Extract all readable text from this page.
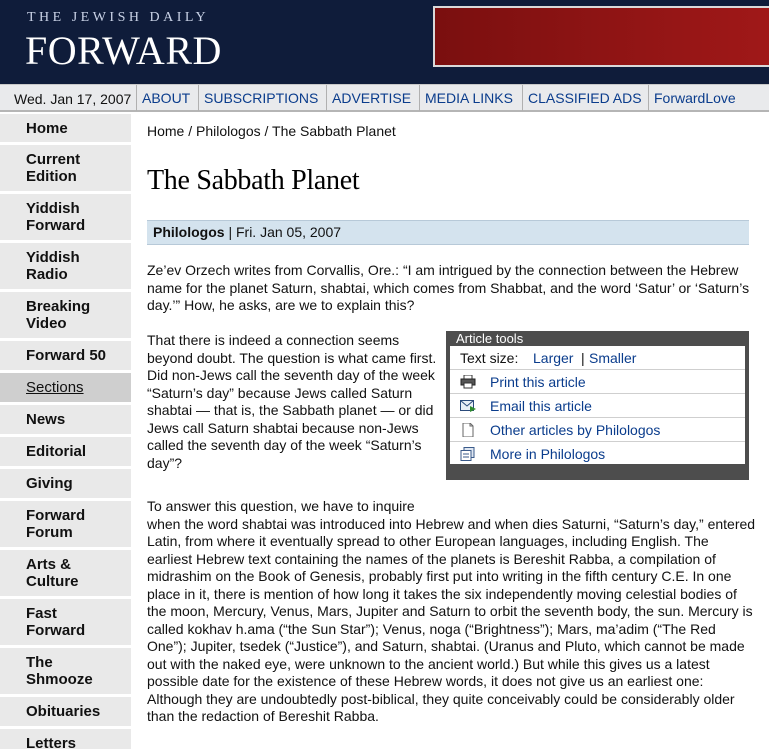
THE JEWISH DAILY
FORWARD
Wed. Jan 17, 2007 ABOUT SUBSCRIPTIONS ADVERTISE MEDIA LINKS	CLASSIFIED ADS ForwardLove
Home
Current
Edition
Yiddish
Forward
Yiddish
Radio
Breaking
Video
Forward 50
Sections
News
Editorial
Giving
Forward
Forum
Arts &
Culture
Fast
Forward
The
Shmooze
Obituaries
Letters
Home / Philologos / The Sabbath Planet
The Sabbath Planet
Philologos | Fri. Jan 05, 2007

Ze’ev Orzech writes from Corvallis, Ore.: “I am intrigued by the connection between the Hebrew name for the planet Saturn, shabtai, which comes from Shabbat, and the word ‘Satur’ or ‘Saturn’s day.’” How, he asks, are we to explain this?

That there is indeed a connection seems beyond doubt. The question is what came first. Did non-Jews call the seventh day of the week “Saturn’s day” because Jews called Saturn shabtai — that is, the Sabbath planet — or did Jews call Saturn shabtai because non-Jews called the seventh day of the week “Saturn’s day”?

To answer this question, we have to inquire
when the word shabtai was introduced into Hebrew and when dies Saturni, “Saturn’s day,” entered Latin, from where it eventually spread to other European languages, including English. The earliest Hebrew text containing the names of the planets is Bereshit Rabba, a compilation of midrashim on the Book of Genesis, probably first put into writing in the fifth century C.E. In one place in it, there is mention of how long it takes the six independently moving celestial bodies of the moon, Mercury, Venus, Mars, Jupiter and Saturn to orbit the seventh body, the sun. Mercury is called kokhav h.ama (“the Sun Star”); Venus, noga (“Brightness”); Mars, ma’adim (“The Red One”); Jupiter, tsedek (“Justice”), and Saturn, shabtai. (Uranus and Pluto, which cannot be made out with the naked eye, were unknown to the ancient world.) But while this gives us a latest possible date for the existence of these Hebrew words, it does not give us an earliest one: Although they are undoubtedly post-biblical, they quite conceivably could be considerably older than the redaction of Bereshit Rabba.

Article tools
Text size: Larger | Smaller
Print this article
Email this article
Other articles by Philologos
More in Philologos
